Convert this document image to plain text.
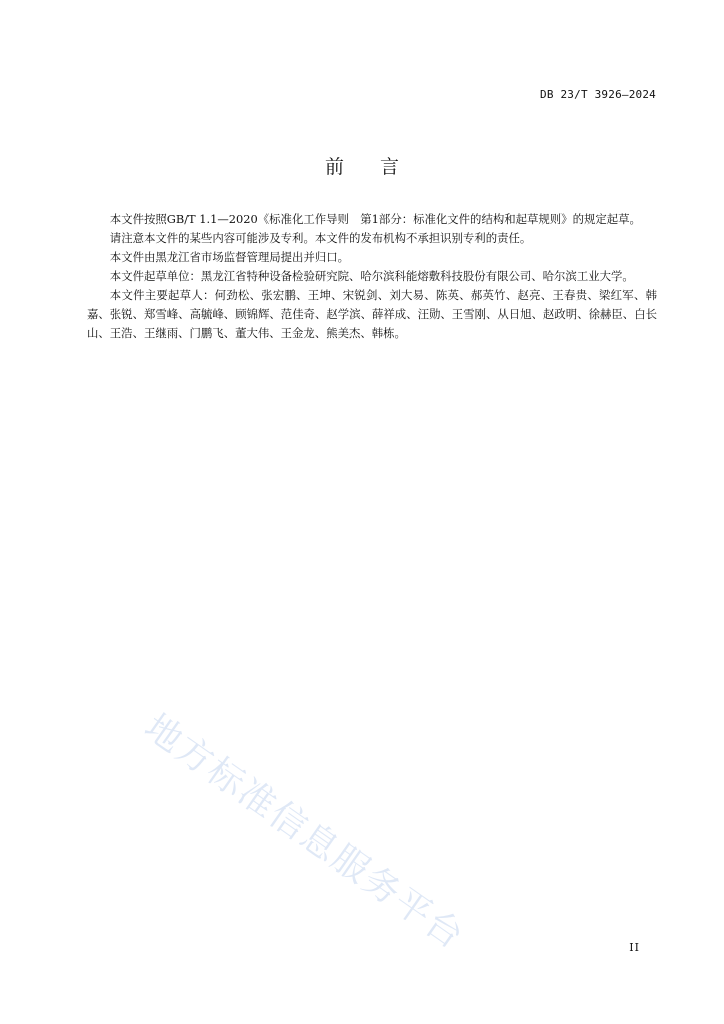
DB 23/T 3926—2024
前 言

本文件按照GB/T 1.1—2020《标准化工作导则　第1部分：标准化文件的结构和起草规则》的规定起草。

请注意本文件的某些内容可能涉及专利。本文件的发布机构不承担识别专利的责任。

本文件由黑龙江省市场监督管理局提出并归口。

本文件起草单位：黑龙江省特种设备检验研究院、哈尔滨科能熔敷科技股份有限公司、哈尔滨工业大学。

本文件主要起草人：何劲松、张宏鹏、王坤、宋锐剑、刘大易、陈英、郝英竹、赵亮、王春贵、梁红军、韩嘉、张锐、郑雪峰、高毓峰、顾锦辉、范佳奇、赵学滨、薛祥成、汪勋、王雪刚、从日旭、赵政明、徐赫臣、白长山、王浩、王继雨、门鹏飞、董大伟、王金龙、熊美杰、韩栋。

地方标准信息服务平台	II
